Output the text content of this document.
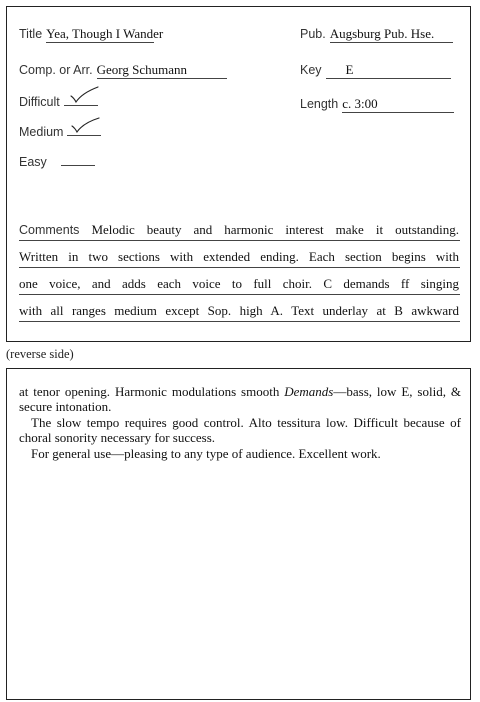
Title Yea, Though I Wander	Pub. Augsburg Pub. Hse.
Comp. or Arr. Georg Schumann	Key E
Difficult	Length c. 3:00
Medium
Easy
Comments Melodic beauty and harmonic interest make it outstanding.
Written in two sections with extended ending. Each section begins with
one voice, and adds each voice to full choir. C demands ff singing
with all ranges medium except Sop. high A. Text underlay at B awkward
(reverse side)

at tenor opening. Harmonic modulations smooth Demands—bass, low E, solid, & secure intonation.

The slow tempo requires good control. Alto tessitura low. Difficult because of choral sonority necessary for success.

For general use—pleasing to any type of audience. Excellent work.
